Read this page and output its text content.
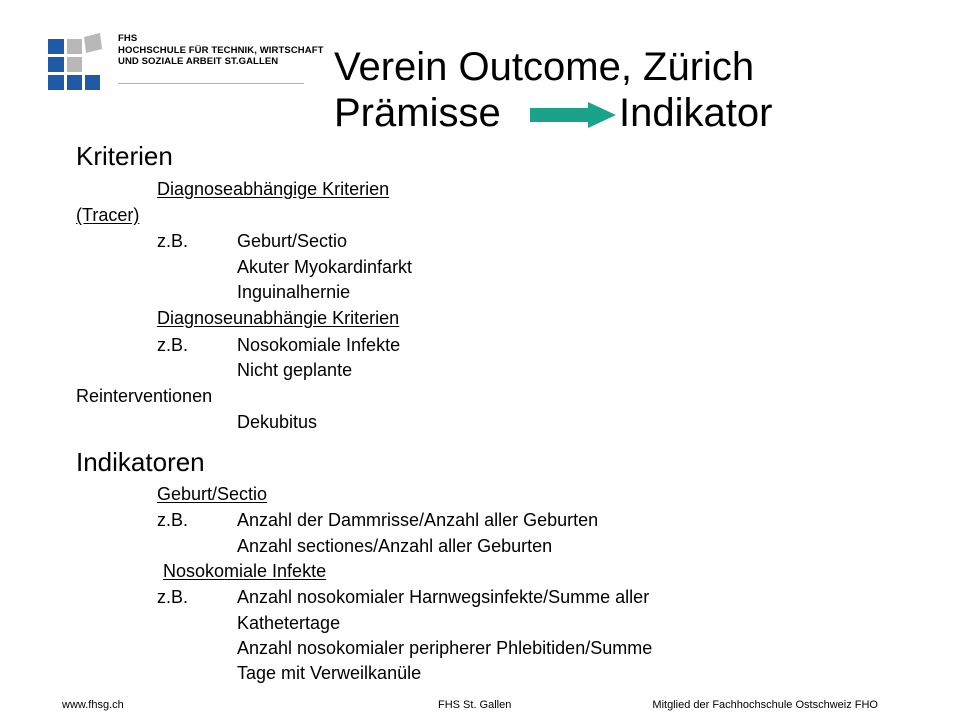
FHS
HOCHSCHULE FÜR TECHNIK, WIRTSCHAFT
UND SOZIALE ARBEIT ST.GALLEN	Verein Outcome, Zürich
Prämisse	Indikator
Kriterien
Diagnoseabhängige Kriterien
(Tracer)
z.B.	Geburt/Sectio
Akuter Myokardinfarkt
Inguinalhernie
Diagnoseunabhängie Kriterien
z.B.	Nosokomiale Infekte
Nicht geplante
Reinterventionen
Dekubitus
Indikatoren
Geburt/Sectio
z.B.	Anzahl der Dammrisse/Anzahl aller Geburten
Anzahl sectiones/Anzahl aller Geburten
Nosokomiale Infekte
z.B.	Anzahl nosokomialer Harnwegsinfekte/Summe aller
Kathetertage
Anzahl nosokomialer peripherer Phlebitiden/Summe
Tage mit Verweilkanüle
www.fhsg.ch	FHS St. Gallen	Mitglied der Fachhochschule Ostschweiz FHO
